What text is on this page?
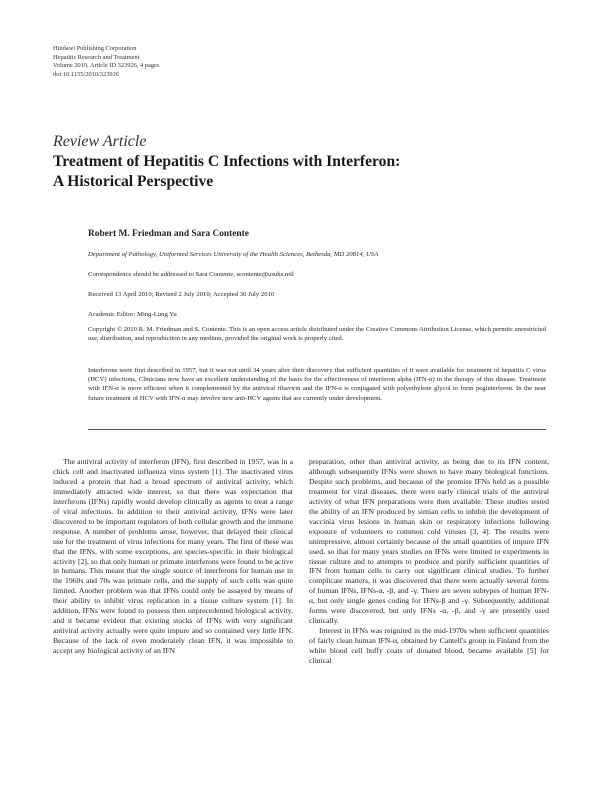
Hindawi Publishing Corporation
Hepatitis Research and Treatment
Volume 2010, Article ID 323926, 4 pages
doi:10.1155/2010/323926
Review Article
Treatment of Hepatitis C Infections with Interferon:
A Historical Perspective
Robert M. Friedman and Sara Contente
Department of Pathology, Uniformed Services University of the Health Sciences, Bethesda, MD 20814, USA
Correspondence should be addressed to Sara Contente, scontente@usuhs.mil
Received 13 April 2010; Revised 2 July 2010; Accepted 30 July 2010
Academic Editor: Ming-Lung Yu
Copyright © 2010 R. M. Friedman and S. Contente. This is an open access article distributed under the Creative Commons Attribution License, which permits unrestricted use, distribution, and reproduction in any medium, provided the original work is properly cited.
Interferons were first described in 1957, but it was not until 34 years after their discovery that sufficient quantities of it were available for treatment of hepatitis C virus (HCV) infections, Clinicians now have an excellent understanding of the basis for the effectiveness of interferon alpha (IFN-α) in the therapy of this disease. Treatment with IFN-α is more efficient when it complemented by the antiviral ribavirin and the IFN-α is conjugated with polyethylene glycol to form peginterferon. In the near future treatment of HCV with IFN-α may involve new anti-HCV agents that are currently under development.

The antiviral activity of interferon (IFN), first described in 1957, was in a chick cell and inactivated influenza virus system [1]. The inactivated virus induced a protein that had a broad spectrum of antiviral activity, which immediately attracted wide interest, so that there was expectation that interferons (IFNs) rapidly would develop clinically as agents to treat a range of viral infections. In addition to their antiviral activity, IFNs were later discovered to be important regulators of both cellular growth and the immune response. A number of problems arose, however, that delayed their clinical use for the treatment of virus infections for many years. The first of these was that the IFNs, with some exceptions, are species-specific in their biological activity [2], so that only human or primate interferons were found to be active in humans. This meant that the single source of interferons for human use in the 1960s and 70s was primate cells, and the supply of such cells was quite limited. Another problem was that IFNs could only be assayed by means of their ability to inhibit virus replication in a tissue culture system [1]. In addition, IFNs were found to possess then unprecedented biological activity, and it became evident that existing stocks of IFNs with very significant antiviral activity actually were quite impure and so contained very little IFN. Because of the lack of even moderately clean IFN, it was impossible to accept any biological activity of an IFN

preparation, other than antiviral activity, as being due to its IFN content, although subsequently IFNs were shown to have many biological functions. Despite such problems, and because of the promise IFNs held as a possible treatment for viral diseases, there were early clinical trials of the antiviral activity of what IFN preparations were then available. These studies tested the ability of an IFN produced by simian cells to inhibit the development of vaccinia virus lesions in human skin or respiratory infections following exposure of volunteers to common cold viruses [3, 4]. The results were unimpressive, almost certainly because of the small quantities of impure IFN used, so that for many years studies on IFNs were limited to experiments in tissue culture and to attempts to produce and purify sufficient quantities of IFN from human cells to carry out significant clinical studies. To further complicate matters, it was discovered that there were actually several forms of human IFNs, IFNs-α, -β, and -γ. There are seven subtypes of human IFN-α, but only single genes coding for IFNs-β and -γ. Subsequently, additional forms were discovered, but only IFNs -α, -β, and -γ are presently used clinically.

Interest in IFNs was reignited in the mid-1970s when sufficient quantities of fairly clean human IFN-α, obtained by Cantell's group in Finland from the white blood cell buffy coats of donated blood, became available [5] for clinical
